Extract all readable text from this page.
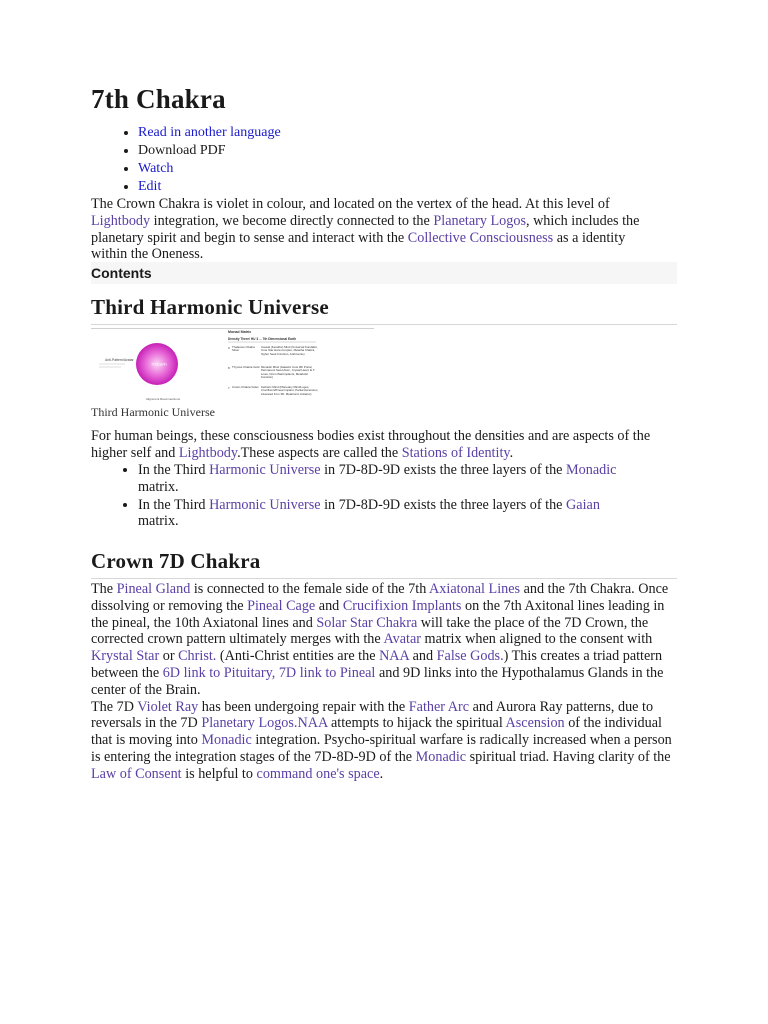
7th Chakra
• Read in another language
• Download PDF
• Watch
• Edit

The Crown Chakra is violet in colour, and located on the vertex of the head. At this level of Lightbody integration, we become directly connected to the Planetary Logos, which includes the planetary spirit and begin to sense and interact with the Collective Consciousness as a identity within the Oneness.

Contents
Third Harmonic Universe
Anti-Pattern/Avatar
7D Earth
Alignment Reconnections
Monad Matrix
Density Three/ HU 3 ... 7th Dimensional Earth
9 Thalamus Chakra Silver
Causal (Kerathic) Mind (Universal Kundalini, Core Star Hara complex, Metatha Chakra, higher Seek Function, Arahmenis)
8 Thymus Chakra Gold Monadic Mind (Galactic Core 8th Portal, Permanent Seed Atom, Crystal Heart, E.T. Lives, Orion Warrimplants, Metabolic Function)
7 Crown Chakra Violet Ketheric Mind (Planetary Mind/Logos, Crucifixion/Pineal Implant, Partial Ascension, Liberated from 3D, Metatronic Antlaros)
Third Harmonic Universe

For human beings, these consciousness bodies exist throughout the densities and are aspects of the higher self and Lightbody.These aspects are called the Stations of Identity.

• In the Third Harmonic Universe in 7D-8D-9D exists the three layers of the Monadic matrix.
• In the Third Harmonic Universe in 7D-8D-9D exists the three layers of the Gaian matrix.
Crown 7D Chakra

The Pineal Gland is connected to the female side of the 7th Axiatonal Lines and the 7th Chakra. Once dissolving or removing the Pineal Cage and Crucifixion Implants on the 7th Axitonal lines leading in the pineal, the 10th Axiatonal lines and Solar Star Chakra will take the place of the 7D Crown, the corrected crown pattern ultimately merges with the Avatar matrix when aligned to the consent with Krystal Star or Christ. (Anti-Christ entities are the NAA and False Gods.) This creates a triad pattern between the 6D link to Pituitary, 7D link to Pineal and 9D links into the Hypothalamus Glands in the center of the Brain.

The 7D Violet Ray has been undergoing repair with the Father Arc and Aurora Ray patterns, due to reversals in the 7D Planetary Logos.NAA attempts to hijack the spiritual Ascension of the individual that is moving into Monadic integration. Psycho-spiritual warfare is radically increased when a person is entering the integration stages of the 7D-8D-9D of the Monadic spiritual triad. Having clarity of the Law of Consent is helpful to command one's space.
